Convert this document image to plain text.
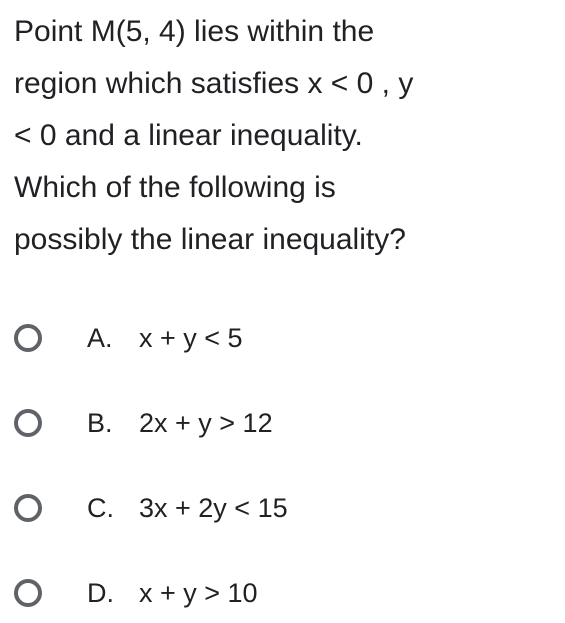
Point M(5, 4) lies within the
region which satisfies x < 0 , y
< 0 and a linear inequality.
Which of the following is
possibly the linear inequality?
A. x + y < 5
B. 2x + y > 12
C. 3x + 2y < 15
D. x + y > 10
